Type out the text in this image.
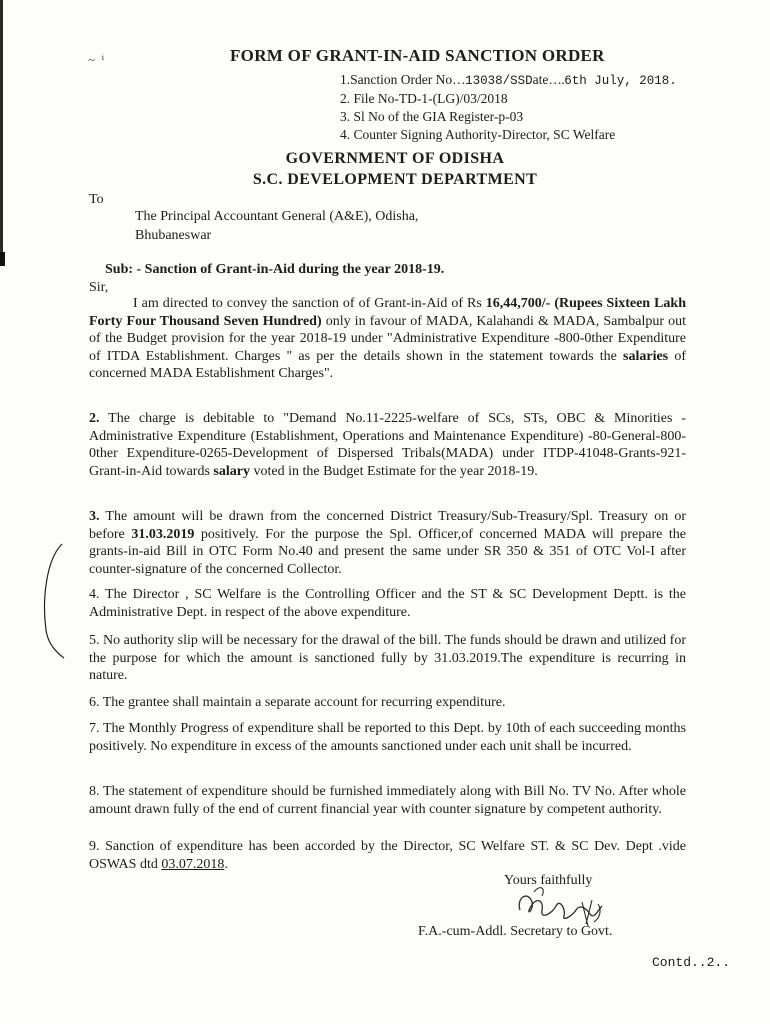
~  ⁱ	FORM OF GRANT-IN-AID SANCTION ORDER
1.Sanction Order No…13038/SSDate….6th July, 2018.
2. File No-TD-1-(LG)/03/2018
3. Sl No of the GIA Register-p-03
4. Counter Signing Authority-Director, SC Welfare
GOVERNMENT OF ODISHA
S.C. DEVELOPMENT DEPARTMENT
To
The Principal Accountant General (A&E), Odisha,
Bhubaneswar
Sub: - Sanction of Grant-in-Aid during the year 2018-19.
Sir,
I am directed to convey the sanction of of Grant-in-Aid of Rs 16,44,700/- (Rupees Sixteen Lakh Forty Four Thousand Seven Hundred) only in favour of MADA, Kalahandi & MADA, Sambalpur out of the Budget provision for the year 2018-19 under "Administrative Expenditure -800-0ther Expenditure of ITDA Establishment. Charges " as per the details shown in the statement towards the salaries of concerned MADA Establishment Charges".
2. The charge is debitable to "Demand No.11-2225-welfare of SCs, STs, OBC & Minorities -Administrative Expenditure (Establishment, Operations and Maintenance Expenditure) -80-General-800-0ther Expenditure-0265-Development of Dispersed Tribals(MADA) under ITDP-41048-Grants-921- Grant-in-Aid towards salary voted in the Budget Estimate for the year 2018-19.
3. The amount will be drawn from the concerned District Treasury/Sub-Treasury/Spl. Treasury on or before 31.03.2019 positively. For the purpose the Spl. Officer,of concerned MADA will prepare the grants-in-aid Bill in OTC Form No.40 and present the same under SR 350 & 351 of OTC Vol-I after counter-signature of the concerned Collector.
4. The Director , SC Welfare is the Controlling Officer and the ST & SC Development Deptt. is the Administrative Dept. in respect of the above expenditure.
5. No authority slip will be necessary for the drawal of the bill. The funds should be drawn and utilized for the purpose for which the amount is sanctioned fully by 31.03.2019.The expenditure is recurring in nature.
6. The grantee shall maintain a separate account for recurring expenditure.
7. The Monthly Progress of expenditure shall be reported to this Dept. by 10th of each succeeding months positively. No expenditure in excess of the amounts sanctioned under each unit shall be incurred.
8. The statement of expenditure should be furnished immediately along with Bill No. TV No. After whole amount drawn fully of the end of current financial year with counter signature by competent authority.
9. Sanction of expenditure has been accorded by the Director, SC Welfare ST. & SC Dev. Dept .vide OSWAS dtd 03.07.2018.
Yours faithfully
F.A.-cum-Addl. Secretary to Govt.
Contd..2..
